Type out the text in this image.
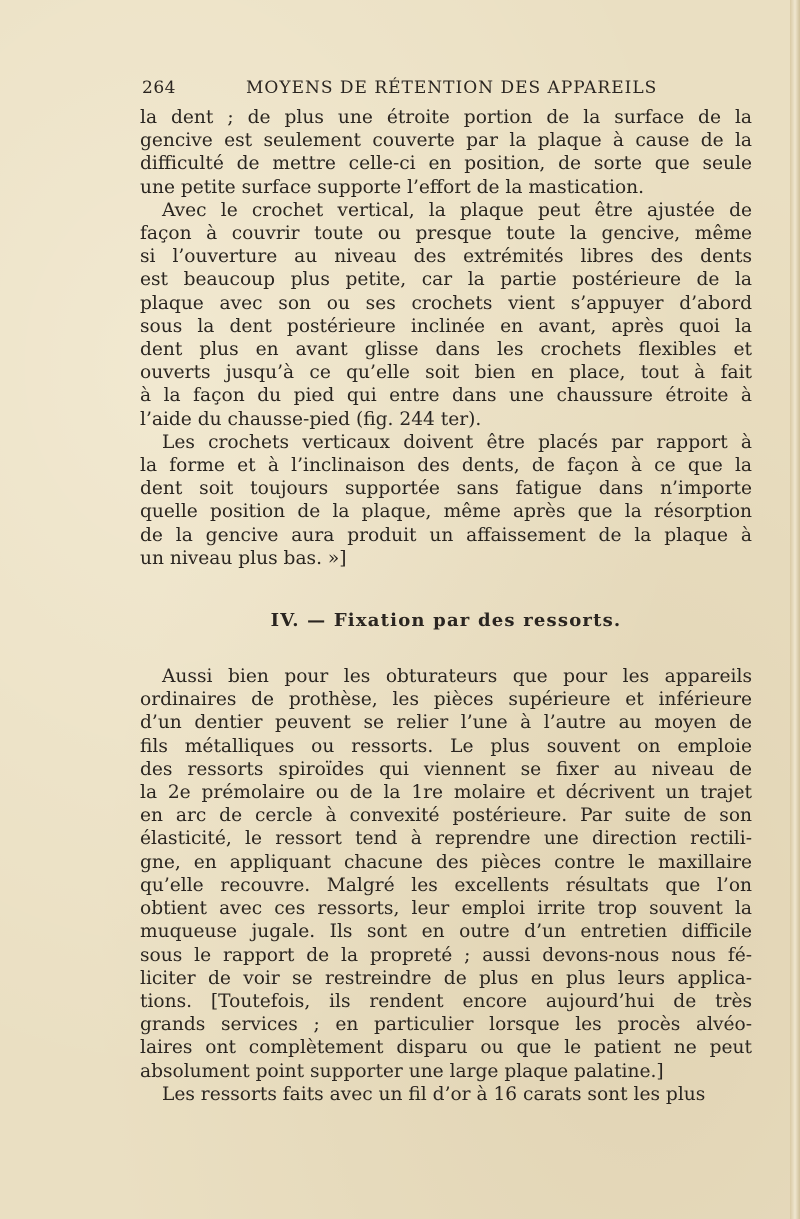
264	MOYENS DE RÉTENTION DES APPAREILS

la dent ; de plus une étroite portion de la surface de la
gencive est seulement couverte par la plaque à cause de la
difficulté de mettre celle-ci en position, de sorte que seule
une petite surface supporte l’effort de la mastication.

Avec le crochet vertical, la plaque peut être ajustée de
façon à couvrir toute ou presque toute la gencive, même
si l’ouverture au niveau des extrémités libres des dents
est beaucoup plus petite, car la partie postérieure de la
plaque avec son ou ses crochets vient s’appuyer d’abord
sous la dent postérieure inclinée en avant, après quoi la
dent plus en avant glisse dans les crochets flexibles et
ouverts jusqu’à ce qu’elle soit bien en place, tout à fait
à la façon du pied qui entre dans une chaussure étroite à
l’aide du chausse-pied (fig. 244 ter).

Les crochets verticaux doivent être placés par rapport à
la forme et à l’inclinaison des dents, de façon à ce que la
dent soit toujours supportée sans fatigue dans n’importe
quelle position de la plaque, même après que la résorption
de la gencive aura produit un affaissement de la plaque à
un niveau plus bas. »]

IV. — Fixation par des ressorts.

Aussi bien pour les obturateurs que pour les appareils
ordinaires de prothèse, les pièces supérieure et inférieure
d’un dentier peuvent se relier l’une à l’autre au moyen de
fils métalliques ou ressorts. Le plus souvent on emploie
des ressorts spiroïdes qui viennent se fixer au niveau de
la 2e prémolaire ou de la 1re molaire et décrivent un trajet
en arc de cercle à convexité postérieure. Par suite de son
élasticité, le ressort tend à reprendre une direction rectili-
gne, en appliquant chacune des pièces contre le maxillaire
qu’elle recouvre. Malgré les excellents résultats que l’on
obtient avec ces ressorts, leur emploi irrite trop souvent la
muqueuse jugale. Ils sont en outre d’un entretien difficile
sous le rapport de la propreté ; aussi devons-nous nous fé-
liciter de voir se restreindre de plus en plus leurs applica-
tions. [Toutefois, ils rendent encore aujourd’hui de très
grands services ; en particulier lorsque les procès alvéo-
laires ont complètement disparu ou que le patient ne peut
absolument point supporter une large plaque palatine.]

Les ressorts faits avec un fil d’or à 16 carats sont les plus
